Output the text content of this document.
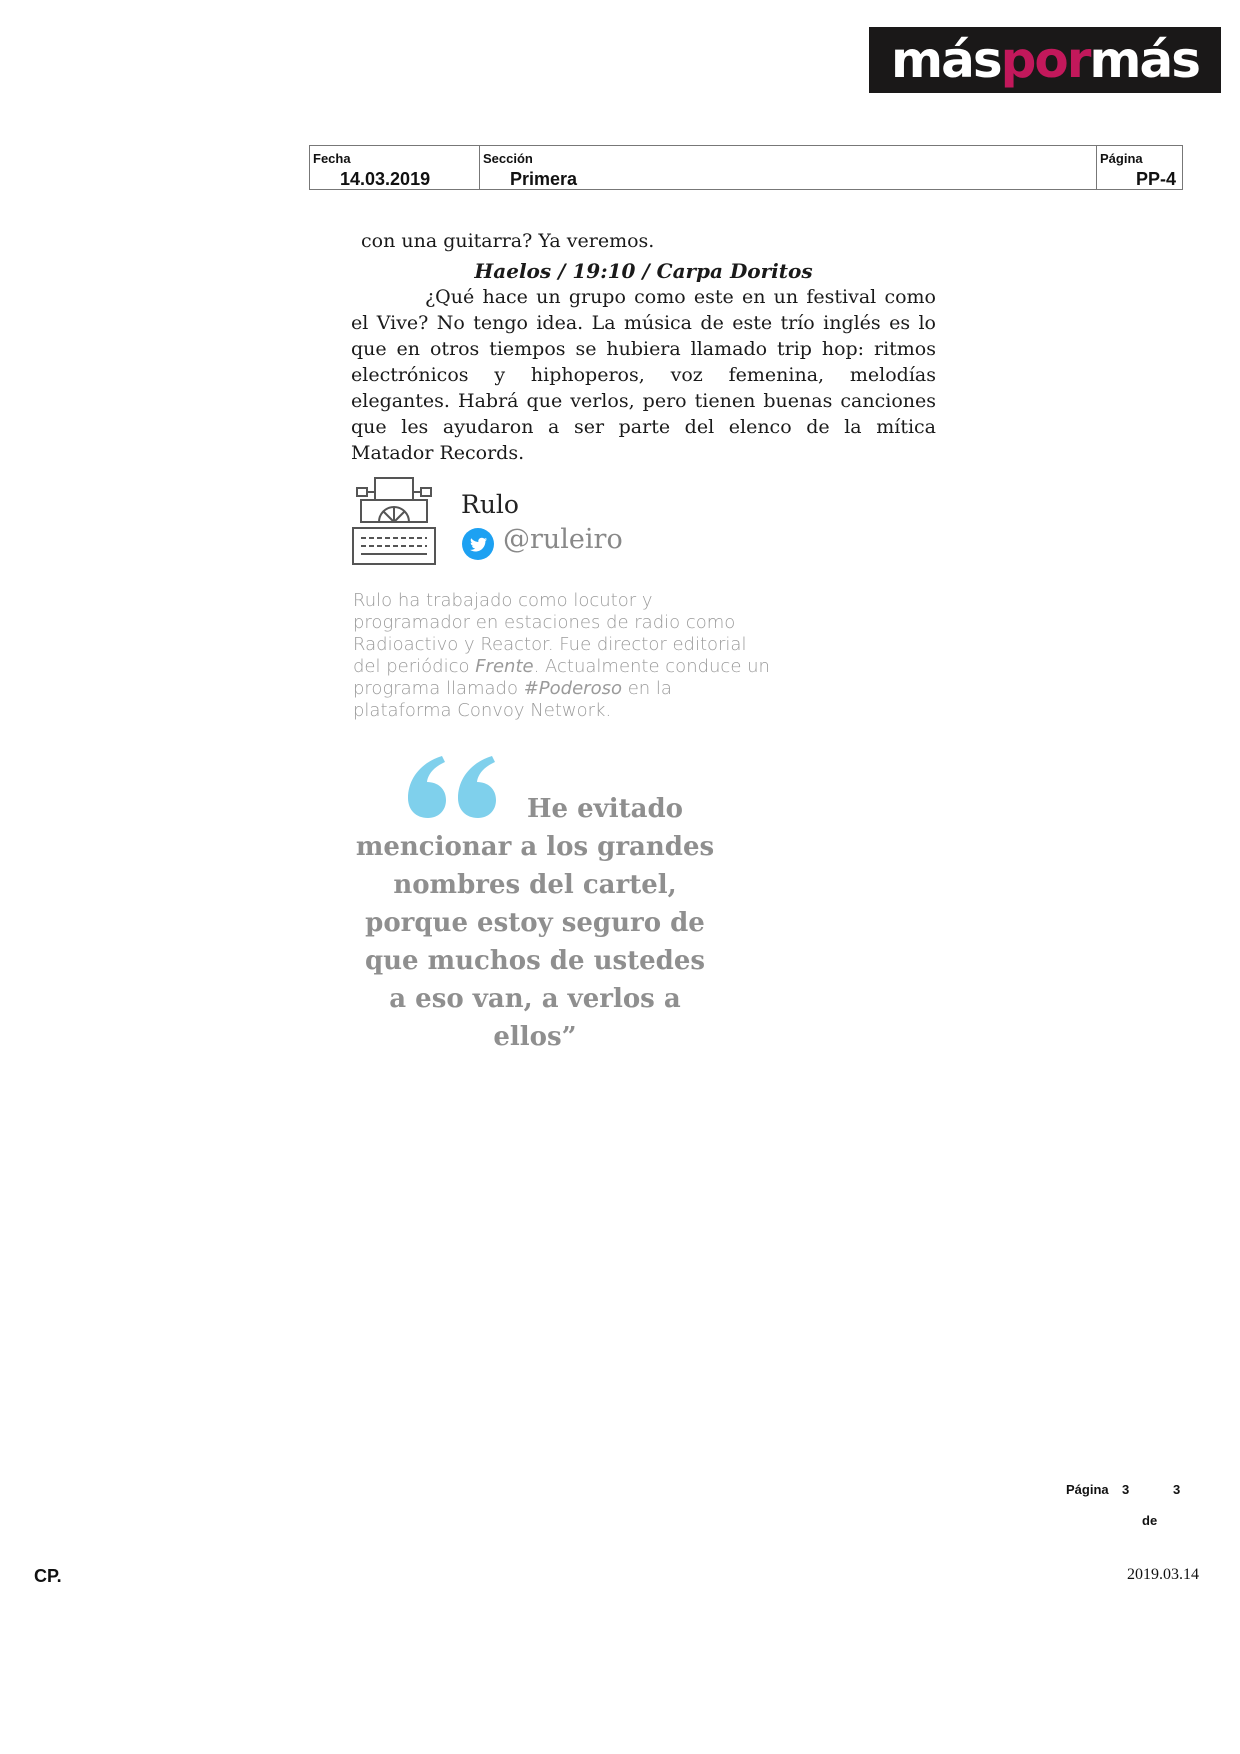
más por más
Fecha
14.03.2019
Sección
Primera
Página
PP-4

con una guitarra? Ya veremos.

Haelos / 19:10 / Carpa Doritos

¿Qué hace un grupo como este en un festival como el Vive? No tengo idea. La música de este trío inglés es lo que en otros tiempos se hubiera llamado trip hop: ritmos electrónicos y hiphoperos, voz femenina, melodías elegantes. Habrá que verlos, pero tienen buenas canciones que les ayudaron a ser parte del elenco de la mítica Matador Records.

Rulo
@ruleiro
Rulo ha trabajado como locutor y programador en estaciones de radio como Radioactivo y Reactor. Fue director editorial del periódico Frente. Actualmente conduce un programa llamado #Poderoso en la plataforma Convoy Network.
He evitado mencionar a los grandes nombres del cartel, porque estoy seguro de que muchos de ustedes a eso van, a verlos a ellos”
Página 3	3
de
CP.	2019.03.14
